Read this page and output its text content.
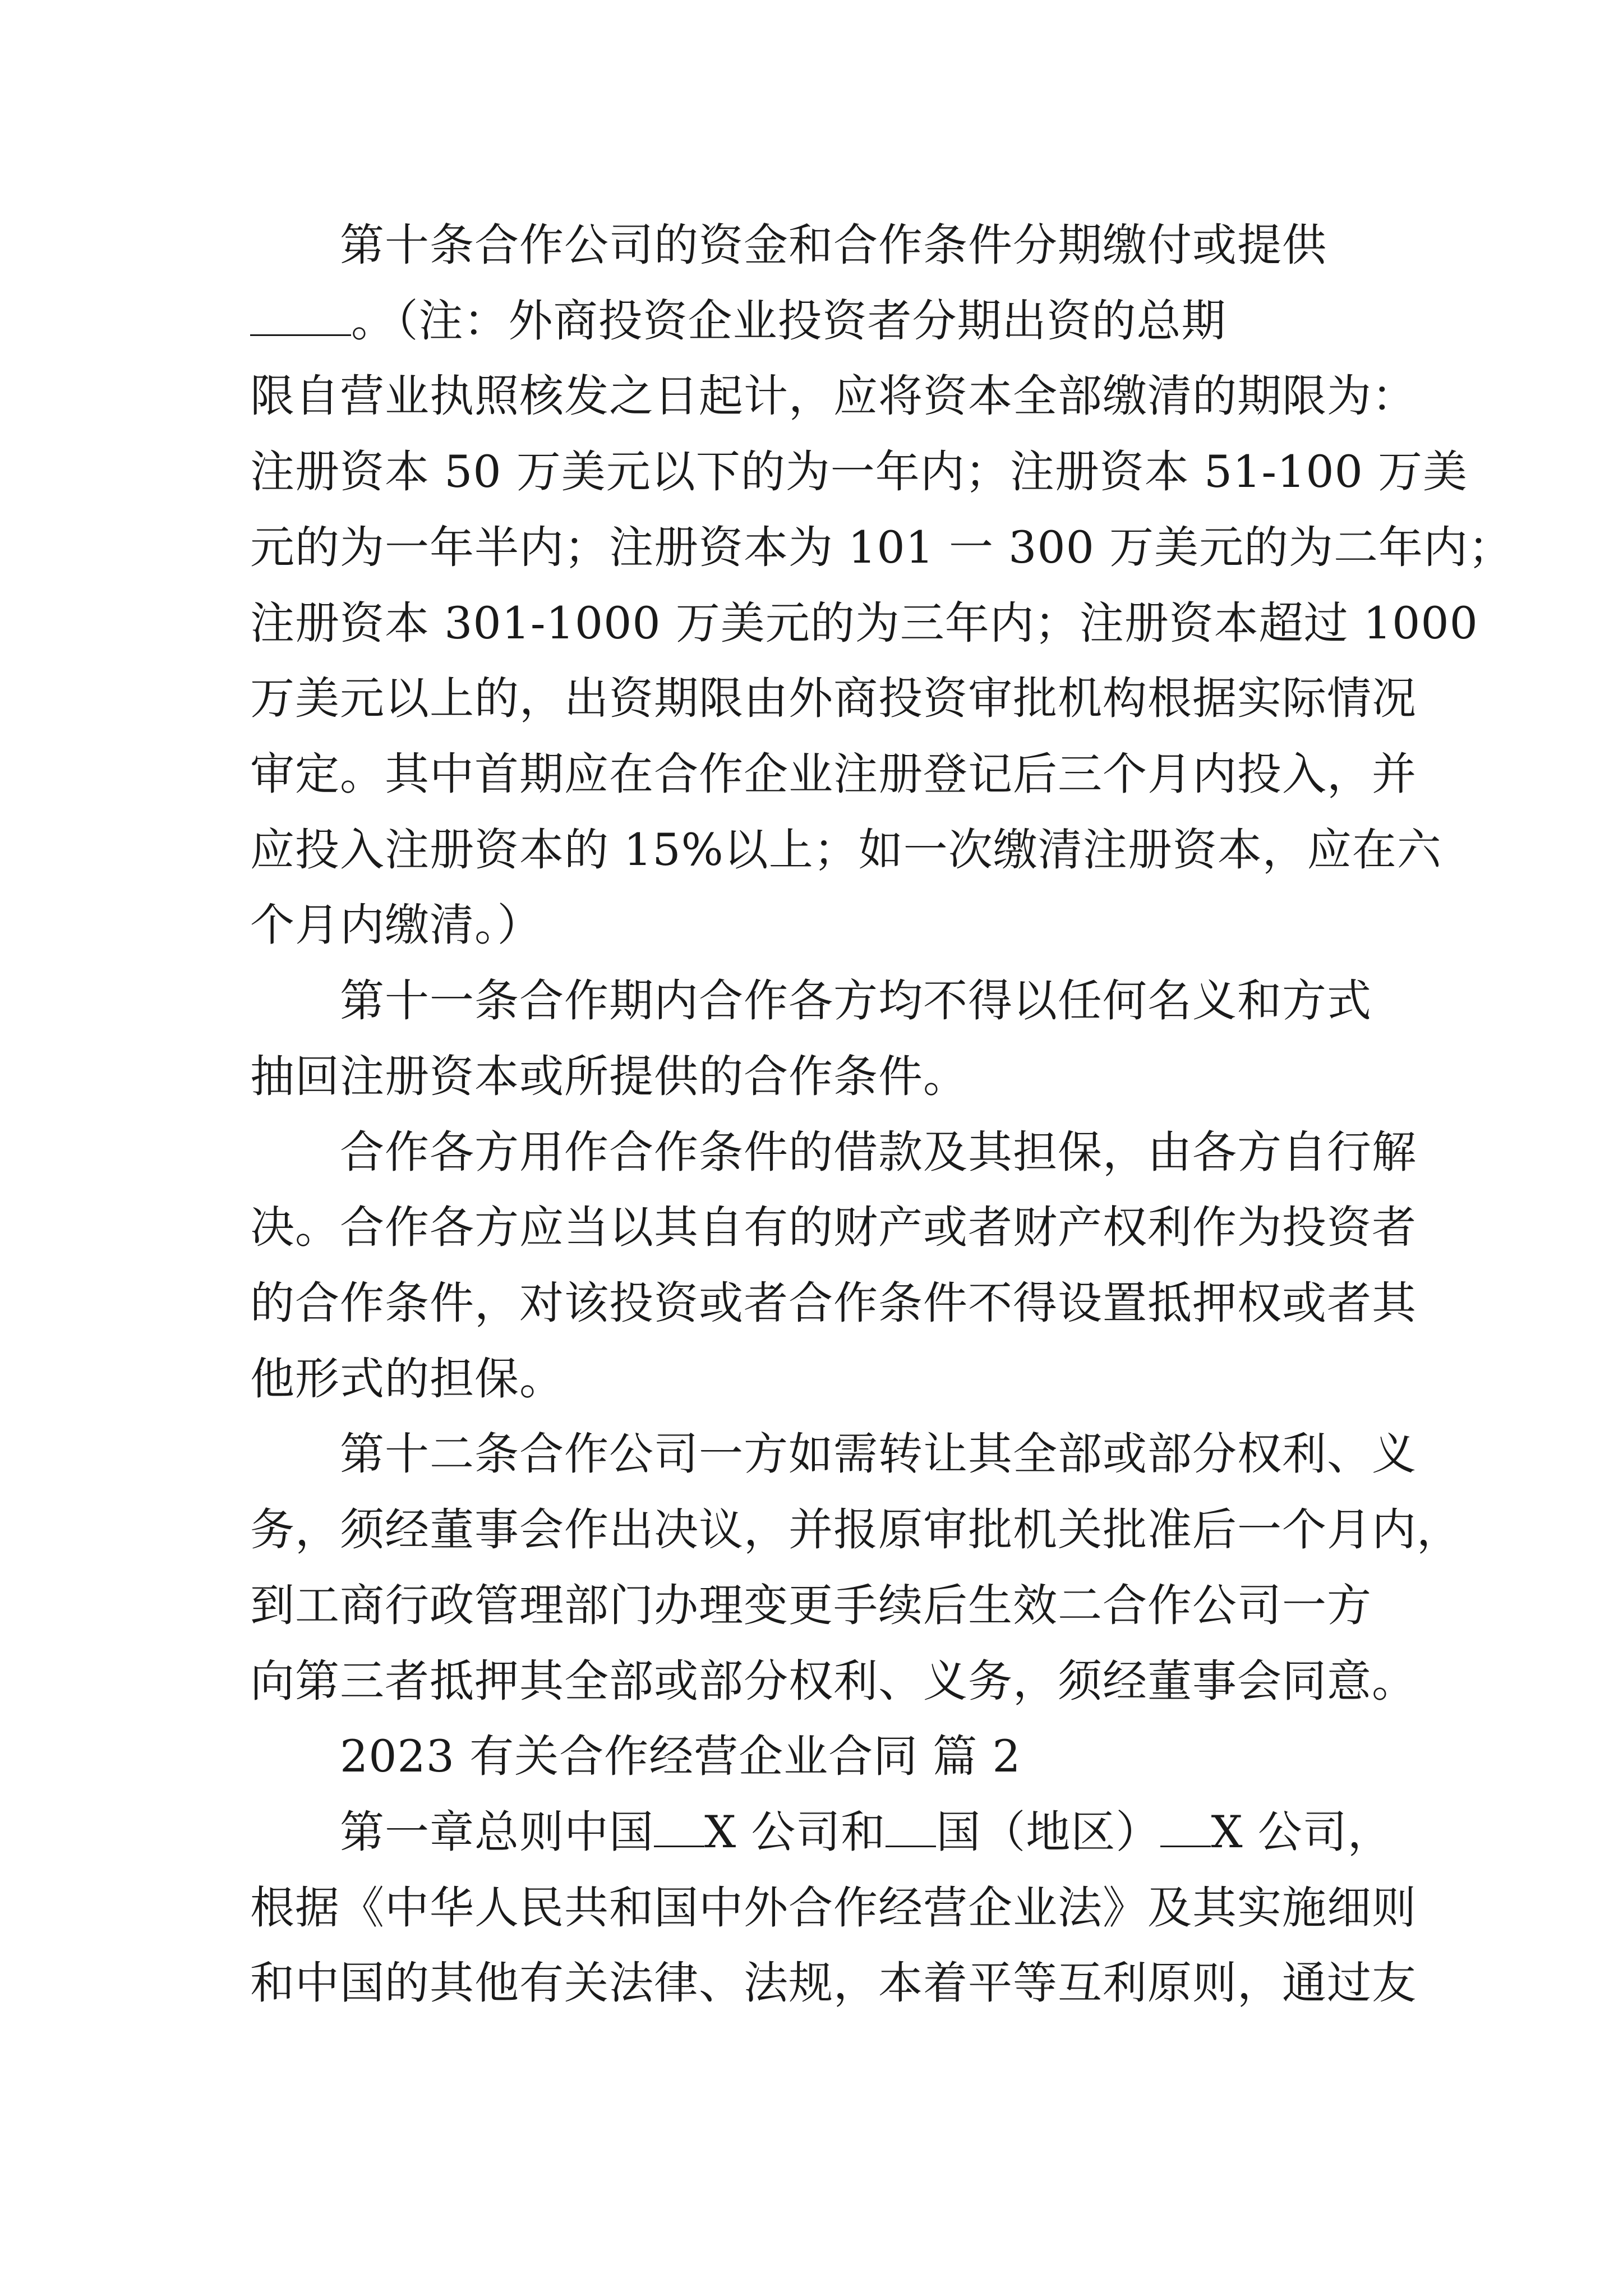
第十条合作公司的资金和合作条件分期缴付或提供
。（注：外商投资企业投资者分期出资的总期
限自营业执照核发之日起计，应将资本全部缴清的期限为：
注册资本 50 万美元以下的为一年内；注册资本 51-100 万美
元的为一年半内；注册资本为 101 一 300 万美元的为二年内；
注册资本 301-1000 万美元的为三年内；注册资本超过 1000
万美元以上的，出资期限由外商投资审批机构根据实际情况
审定。其中首期应在合作企业注册登记后三个月内投入，并
应投入注册资本的 15%以上；如一次缴清注册资本，应在六
个月内缴清。）
第十一条合作期内合作各方均不得以任何名义和方式
抽回注册资本或所提供的合作条件。
合作各方用作合作条件的借款及其担保，由各方自行解
决。合作各方应当以其自有的财产或者财产权利作为投资者
的合作条件，对该投资或者合作条件不得设置抵押权或者其
他形式的担保。
第十二条合作公司一方如需转让其全部或部分权利、义
务，须经董事会作出决议，并报原审批机关批准后一个月内，
到工商行政管理部门办理变更手续后生效二合作公司一方
向第三者抵押其全部或部分权利、义务，须经董事会同意。
2023 有关合作经营企业合同 篇 2
第一章总则中国 X 公司和 国（地区） X 公司，
根据《中华人民共和国中外合作经营企业法》及其实施细则
和中国的其他有关法律、法规，本着平等互利原则，通过友
